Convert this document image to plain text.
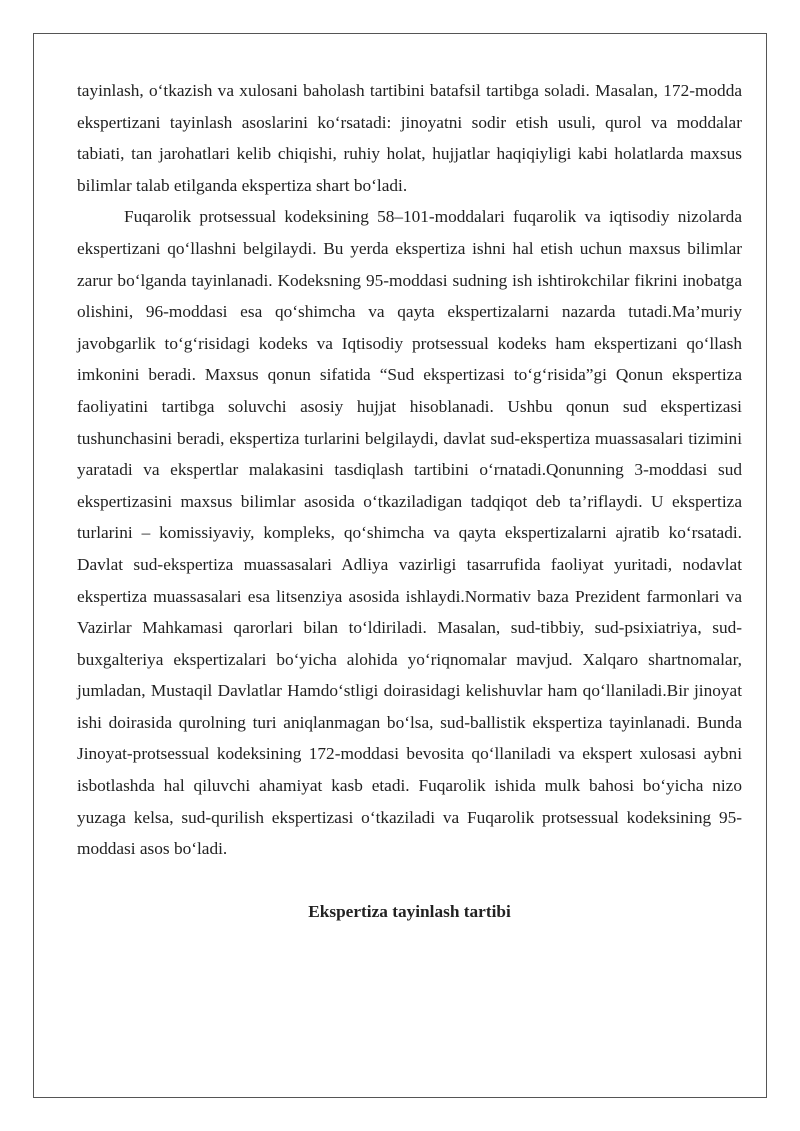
tayinlash, o‘tkazish va xulosani baholash tartibini batafsil tartibga soladi. Masalan, 172-modda ekspertizani tayinlash asoslarini ko‘rsatadi: jinoyatni sodir etish usuli, qurol va moddalar tabiati, tan jarohatlari kelib chiqishi, ruhiy holat, hujjatlar haqiqiyligi kabi holatlarda maxsus bilimlar talab etilganda ekspertiza shart bo‘ladi.

Fuqarolik protsessual kodeksining 58–101-moddalari fuqarolik va iqtisodiy nizolarda ekspertizani qo‘llashni belgilaydi. Bu yerda ekspertiza ishni hal etish uchun maxsus bilimlar zarur bo‘lganda tayinlanadi. Kodeksning 95-moddasi sudning ish ishtirokchilar fikrini inobatga olishini, 96-moddasi esa qo‘shimcha va qayta ekspertizalarni nazarda tutadi.Ma’muriy javobgarlik to‘g‘risidagi kodeks va Iqtisodiy protsessual kodeks ham ekspertizani qo‘llash imkonini beradi. Maxsus qonun sifatida “Sud ekspertizasi to‘g‘risida”gi Qonun ekspertiza faoliyatini tartibga soluvchi asosiy hujjat hisoblanadi. Ushbu qonun sud ekspertizasi tushunchasini beradi, ekspertiza turlarini belgilaydi, davlat sud-ekspertiza muassasalari tizimini yaratadi va ekspertlar malakasini tasdiqlash tartibini o‘rnatadi.Qonunning 3-moddasi sud ekspertizasini maxsus bilimlar asosida o‘tkaziladigan tadqiqot deb ta’riflaydi. U ekspertiza turlarini – komissiyaviy, kompleks, qo‘shimcha va qayta ekspertizalarni ajratib ko‘rsatadi. Davlat sud-ekspertiza muassasalari Adliya vazirligi tasarrufida faoliyat yuritadi, nodavlat ekspertiza muassasalari esa litsenziya asosida ishlaydi.Normativ baza Prezident farmonlari va Vazirlar Mahkamasi qarorlari bilan to‘ldiriladi. Masalan, sud-tibbiy, sud-psixiatriya, sud-buxgalteriya ekspertizalari bo‘yicha alohida yo‘riqnomalar mavjud. Xalqaro shartnomalar, jumladan, Mustaqil Davlatlar Hamdo‘stligi doirasidagi kelishuvlar ham qo‘llaniladi.Bir jinoyat ishi doirasida qurolning turi aniqlanmagan bo‘lsa, sud-ballistik ekspertiza tayinlanadi. Bunda Jinoyat-protsessual kodeksining 172-moddasi bevosita qo‘llaniladi va ekspert xulosasi aybni isbotlashda hal qiluvchi ahamiyat kasb etadi. Fuqarolik ishida mulk bahosi bo‘yicha nizo yuzaga kelsa, sud-qurilish ekspertizasi o‘tkaziladi va Fuqarolik protsessual kodeksining 95-moddasi asos bo‘ladi.

Ekspertiza tayinlash tartibi
